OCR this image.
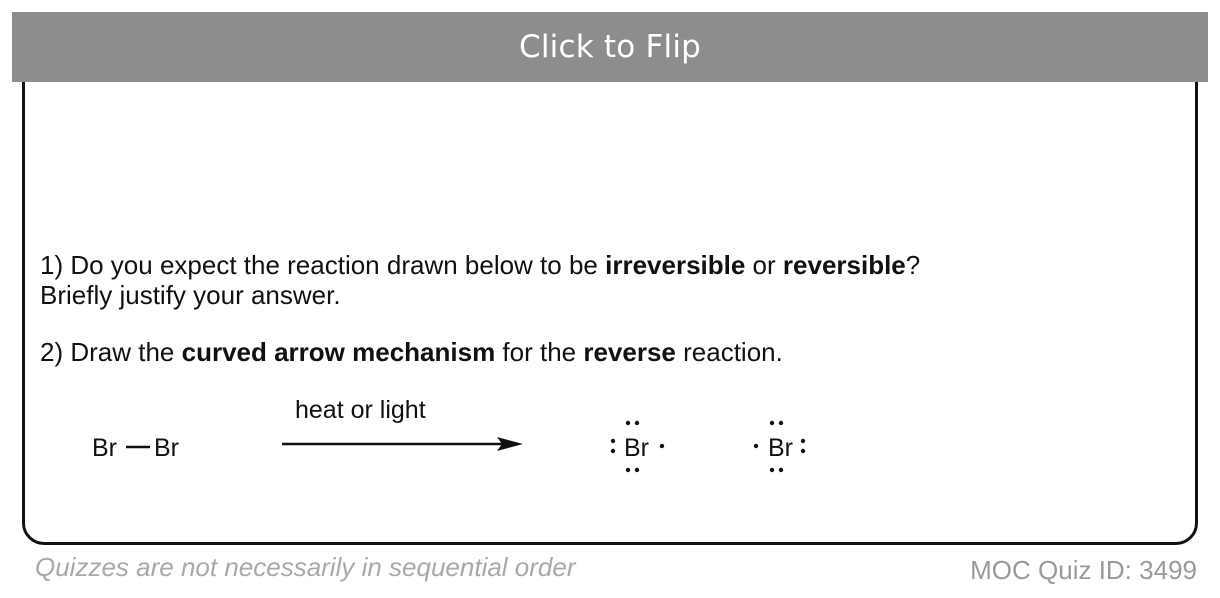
Click to Flip
1) Do you expect the reaction drawn below to be irreversible or reversible?
Briefly justify your answer.
2) Draw the curved arrow mechanism for the reverse reaction.
Br Br
heat or light
Br	Br
Quizzes are not necessarily in sequential order	MOC Quiz ID: 3499
